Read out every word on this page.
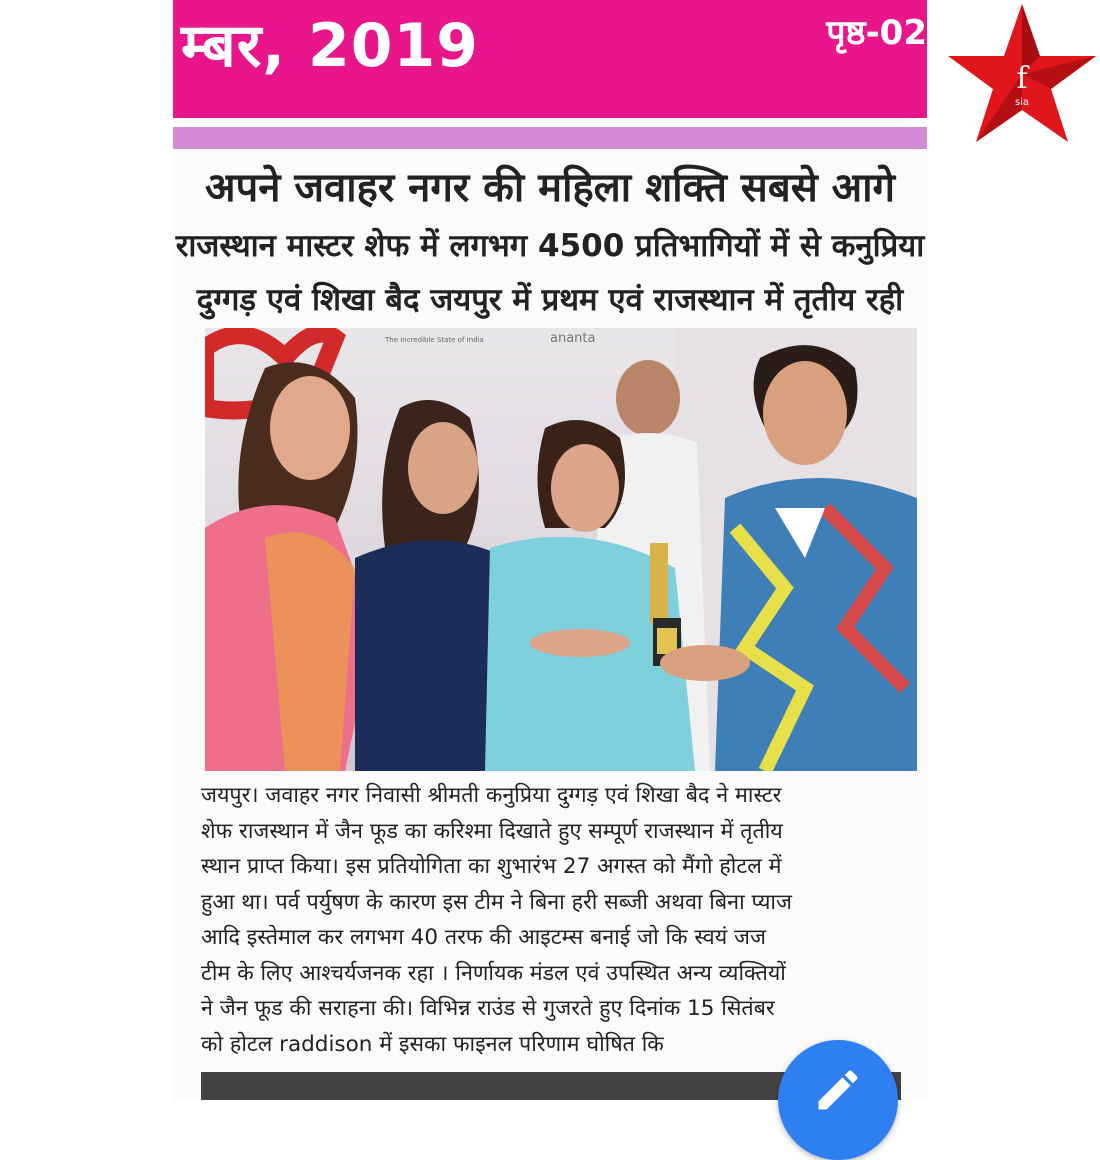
म्बर, 2019	पृष्ठ-02
अपने जवाहर नगर की महिला शक्ति सबसे आगे
राजस्थान मास्टर शेफ में लगभग 4500 प्रतिभागियों में से कनुप्रिया
दुग्गड़ एवं शिखा बैद जयपुर में प्रथम एवं राजस्थान में तृतीय रही
ananta
The Incredible State of India
जयपुर। जवाहर नगर निवासी श्रीमती कनुप्रिया दुग्गड़ एवं शिखा बैद ने मास्टर
शेफ राजस्थान में जैन फूड का करिश्मा दिखाते हुए सम्पूर्ण राजस्थान में तृतीय
स्थान प्राप्त किया। इस प्रतियोगिता का शुभारंभ 27 अगस्त को मैंगो होटल में
हुआ था। पर्व पर्युषण के कारण इस टीम ने बिना हरी सब्जी अथवा बिना प्याज
आदि इस्तेमाल कर लगभग 40 तरफ की आइटम्स बनाई जो कि स्वयं जज
टीम के लिए आश्चर्यजनक रहा । निर्णायक मंडल एवं उपस्थित अन्य व्यक्तियों
ने जैन फूड की सराहना की। विभिन्न राउंड से गुजरते हुए दिनांक 15 सितंबर
को होटल raddison में इसका फाइनल परिणाम घोषित कि
f
sia
